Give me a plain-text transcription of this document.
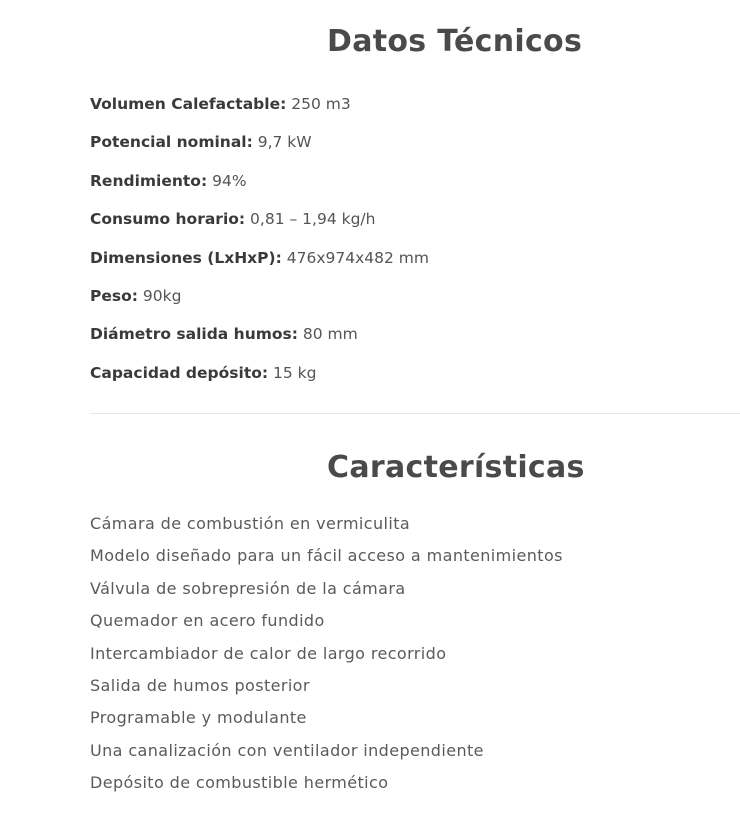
Datos Técnicos
Volumen Calefactable: 250 m3
Potencial nominal: 9,7 kW
Rendimiento: 94%
Consumo horario: 0,81 – 1,94 kg/h
Dimensiones (LxHxP): 476x974x482 mm
Peso: 90kg
Diámetro salida humos: 80 mm
Capacidad depósito: 15 kg
Características
Cámara de combustión en vermiculita
Modelo diseñado para un fácil acceso a mantenimientos
Válvula de sobrepresión de la cámara
Quemador en acero fundido
Intercambiador de calor de largo recorrido
Salida de humos posterior
Programable y modulante
Una canalización con ventilador independiente
Depósito de combustible hermético
